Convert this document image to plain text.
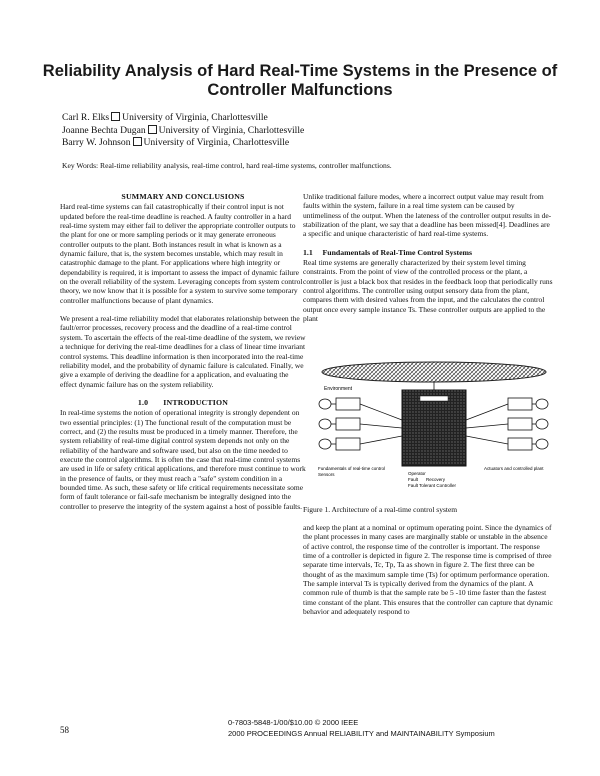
Reliability Analysis of Hard Real-Time Systems in the Presence of Controller Malfunctions
Carl R. Elks University of Virginia, Charlottesville
Joanne Bechta Dugan University of Virginia, Charlottesville
Barry W. Johnson University of Virginia, Charlottesville
Key Words: Real-time reliability analysis, real-time control, hard real-time systems, controller malfunctions.
SUMMARY AND CONCLUSIONS

Hard real-time systems can fail catastrophically if their control input is not updated before the real-time deadline is reached. A faulty controller in a hard real-time system may either fail to deliver the appropriate controller outputs to the plant for one or more sampling periods or it may generate erroneous controller outputs to the plant. Both instances result in what is known as a dynamic failure, that is, the system becomes unstable, which may result in catastrophic damage to the plant. For applications where high integrity or dependability is required, it is important to assess the impact of dynamic failure on the overall reliability of the system. Leveraging concepts from system control theory, we now know that it is possible for a system to survive some temporary controller malfunctions because of plant dynamics.

We present a real-time reliability model that elaborates relationship between the fault/error processes, recovery process and the deadline of a real-time control system. To ascertain the effects of the real-time deadline of the system, we review a technique for deriving the real-time deadlines for a class of linear time invariant control systems. This deadline information is then incorporated into the real-time reliability model, and the probability of dynamic failure is calculated. Finally, we give a example of deriving the deadline for a application, and evaluating the effect dynamic failure has on the system reliability.

1.0 INTRODUCTION

In real-time systems the notion of operational integrity is strongly dependent on two essential principles: (1) The functional result of the computation must be correct, and (2) the results must be produced in a timely manner. Therefore, the system reliability of real-time digital control system depends not only on the reliability of the hardware and software used, but also on the time needed to execute the control algorithms. It is often the case that real-time control systems are used in life or safety critical applications, and therefore must continue to work in the presence of faults, or they must reach a "safe" system condition in a bounded time. As such, these safety or life critical requirements necessitate some form of fault tolerance or fail-safe mechanism be integrally designed into the controller to preserve the integrity of the system against a host of possible faults.

Unlike traditional failure modes, where a incorrect output value may result from faults within the system, failure in a real time system can be caused by untimeliness of the output. When the lateness of the controller output results in de-stabilization of the plant, we say that a deadline has been missed[4]. Deadlines are a specific and unique characteristic of hard real-time systems.

1.1 Fundamentals of Real-Time Control Systems

Real time systems are generally characterized by their system level timing constraints. From the point of view of the controlled process or the plant, a controller is just a black box that resides in the feedback loop that periodically runs control algorithms. The controller using output sensory data from the plant, compares them with desired values from the input, and the calculates the control output once every sample instance Ts. These controller outputs are applied to the plant

Environment
Operator
Fault Recovery
Fault Tolerant Controller
Fundamentals of real-time control
Sensors
Actuators and controlled plant
Figure 1. Architecture of a real-time control system

and keep the plant at a nominal or optimum operating point. Since the dynamics of the plant processes in many cases are marginally stable or unstable in the absence of active control, the response time of the controller is important. The response time of a controller is depicted in figure 2. The response time is comprised of three separate time intervals, Tc, Tp, Ta as shown in figure 2. The first three can be thought of as the maximum sample time (Ts) for optimum performance operation. The sample interval Ts is typically derived from the dynamics of the plant. A common rule of thumb is that the sample rate be 5 -10 time faster than the fastest time constant of the plant. This ensures that the controller can capture that dynamic behavior and adequately respond to

58
0-7803-5848-1/00/$10.00 © 2000 IEEE
2000 PROCEEDINGS Annual RELIABILITY and MAINTAINABILITY Symposium
